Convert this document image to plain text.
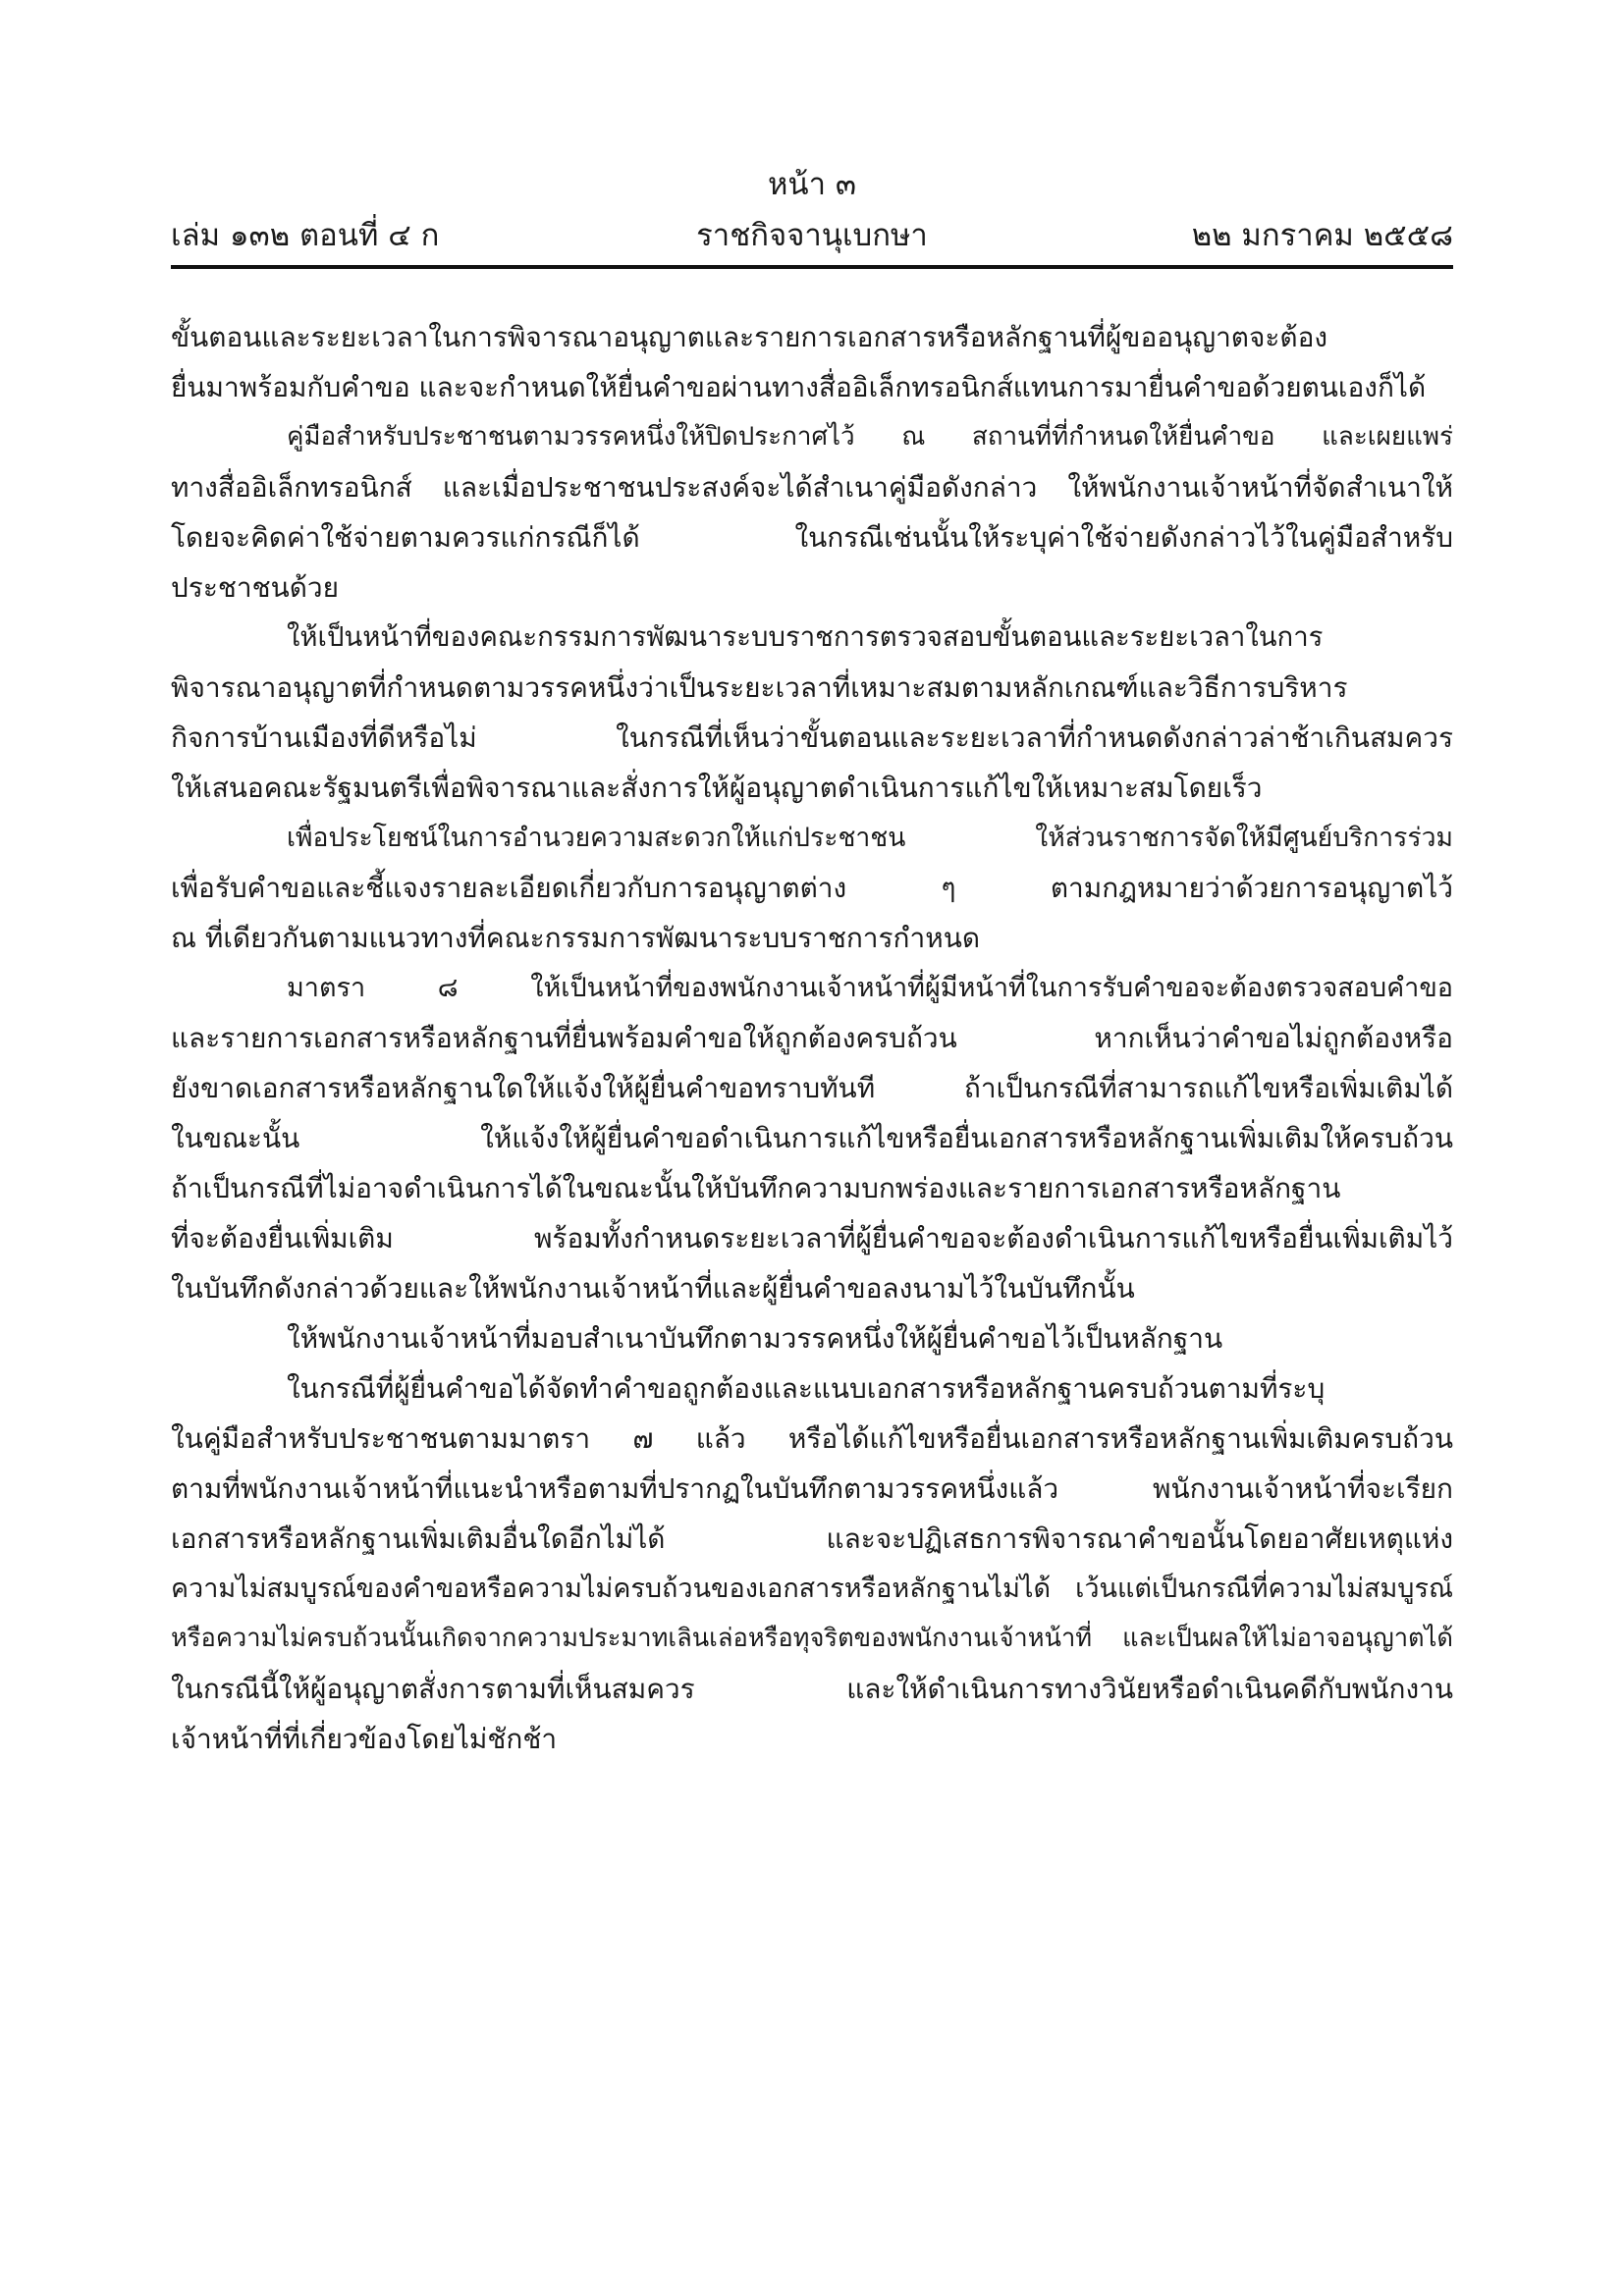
หน้า ๓
ราชกิจจานุเบกษา
เล่ม ๑๓๒ ตอนที่ ๔ ก	๒๒ มกราคม ๒๕๕๘

ขั้นตอนและระยะเวลาในการพิจารณาอนุญาตและรายการเอกสารหรือหลักฐานที่ผู้ขออนุญาตจะต้อง
ยื่นมาพร้อมกับคำขอ และจะกำหนดให้ยื่นคำขอผ่านทางสื่ออิเล็กทรอนิกส์แทนการมายื่นคำขอด้วยตนเองก็ได้

คู่มือสำหรับประชาชนตามวรรคหนึ่งให้ปิดประกาศไว้ ณ สถานที่ที่กำหนดให้ยื่นคำขอ และเผยแพร่
ทางสื่ออิเล็กทรอนิกส์ และเมื่อประชาชนประสงค์จะได้สำเนาคู่มือดังกล่าว ให้พนักงานเจ้าหน้าที่จัดสำเนาให้
โดยจะคิดค่าใช้จ่ายตามควรแก่กรณีก็ได้ ในกรณีเช่นนั้นให้ระบุค่าใช้จ่ายดังกล่าวไว้ในคู่มือสำหรับ
ประชาชนด้วย

ให้เป็นหน้าที่ของคณะกรรมการพัฒนาระบบราชการตรวจสอบขั้นตอนและระยะเวลาในการ
พิจารณาอนุญาตที่กำหนดตามวรรคหนึ่งว่าเป็นระยะเวลาที่เหมาะสมตามหลักเกณฑ์และวิธีการบริหาร
กิจการบ้านเมืองที่ดีหรือไม่ ในกรณีที่เห็นว่าขั้นตอนและระยะเวลาที่กำหนดดังกล่าวล่าช้าเกินสมควร
ให้เสนอคณะรัฐมนตรีเพื่อพิจารณาและสั่งการให้ผู้อนุญาตดำเนินการแก้ไขให้เหมาะสมโดยเร็ว

เพื่อประโยชน์ในการอำนวยความสะดวกให้แก่ประชาชน ให้ส่วนราชการจัดให้มีศูนย์บริการร่วม
เพื่อรับคำขอและชี้แจงรายละเอียดเกี่ยวกับการอนุญาตต่าง ๆ ตามกฎหมายว่าด้วยการอนุญาตไว้
ณ ที่เดียวกันตามแนวทางที่คณะกรรมการพัฒนาระบบราชการกำหนด

มาตรา ๘ ให้เป็นหน้าที่ของพนักงานเจ้าหน้าที่ผู้มีหน้าที่ในการรับคำขอจะต้องตรวจสอบคำขอ
และรายการเอกสารหรือหลักฐานที่ยื่นพร้อมคำขอให้ถูกต้องครบถ้วน หากเห็นว่าคำขอไม่ถูกต้องหรือ
ยังขาดเอกสารหรือหลักฐานใดให้แจ้งให้ผู้ยื่นคำขอทราบทันที ถ้าเป็นกรณีที่สามารถแก้ไขหรือเพิ่มเติมได้
ในขณะนั้น ให้แจ้งให้ผู้ยื่นคำขอดำเนินการแก้ไขหรือยื่นเอกสารหรือหลักฐานเพิ่มเติมให้ครบถ้วน
ถ้าเป็นกรณีที่ไม่อาจดำเนินการได้ในขณะนั้นให้บันทึกความบกพร่องและรายการเอกสารหรือหลักฐาน
ที่จะต้องยื่นเพิ่มเติม พร้อมทั้งกำหนดระยะเวลาที่ผู้ยื่นคำขอจะต้องดำเนินการแก้ไขหรือยื่นเพิ่มเติมไว้
ในบันทึกดังกล่าวด้วยและให้พนักงานเจ้าหน้าที่และผู้ยื่นคำขอลงนามไว้ในบันทึกนั้น

ให้พนักงานเจ้าหน้าที่มอบสำเนาบันทึกตามวรรคหนึ่งให้ผู้ยื่นคำขอไว้เป็นหลักฐาน

ในกรณีที่ผู้ยื่นคำขอได้จัดทำคำขอถูกต้องและแนบเอกสารหรือหลักฐานครบถ้วนตามที่ระบุ
ในคู่มือสำหรับประชาชนตามมาตรา ๗ แล้ว หรือได้แก้ไขหรือยื่นเอกสารหรือหลักฐานเพิ่มเติมครบถ้วน
ตามที่พนักงานเจ้าหน้าที่แนะนำหรือตามที่ปรากฏในบันทึกตามวรรคหนึ่งแล้ว พนักงานเจ้าหน้าที่จะเรียก
เอกสารหรือหลักฐานเพิ่มเติมอื่นใดอีกไม่ได้ และจะปฏิเสธการพิจารณาคำขอนั้นโดยอาศัยเหตุแห่ง
ความไม่สมบูรณ์ของคำขอหรือความไม่ครบถ้วนของเอกสารหรือหลักฐานไม่ได้ เว้นแต่เป็นกรณีที่ความไม่สมบูรณ์
หรือความไม่ครบถ้วนนั้นเกิดจากความประมาทเลินเล่อหรือทุจริตของพนักงานเจ้าหน้าที่ และเป็นผลให้ไม่อาจอนุญาตได้
ในกรณีนี้ให้ผู้อนุญาตสั่งการตามที่เห็นสมควร และให้ดำเนินการทางวินัยหรือดำเนินคดีกับพนักงาน
เจ้าหน้าที่ที่เกี่ยวข้องโดยไม่ชักช้า
